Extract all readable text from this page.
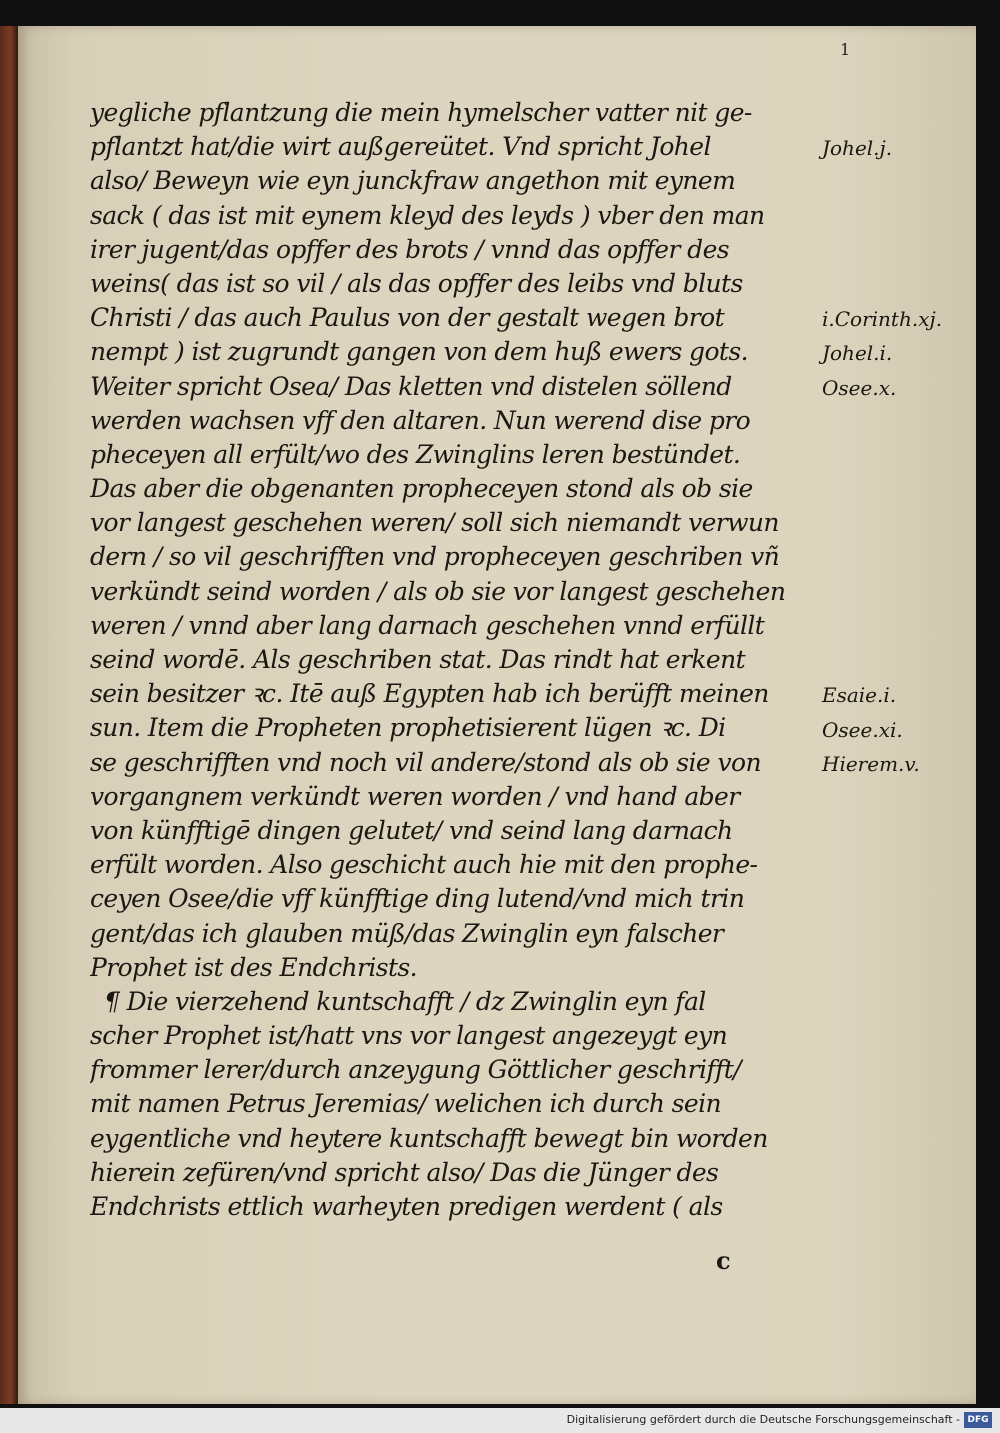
1
yegliche pflantzung die mein hymelscher vatter nit ge-
pflantzt hat/die wirt außgereütet. Vnd spricht Johel
also/ Beweyn wie eyn junckfraw angethon mit eynem
sack ( das ist mit eynem kleyd des leyds ) vber den man
irer jugent/das opffer des brots / vnnd das opffer des
weins( das ist so vil / als das opffer des leibs vnd bluts
Christi / das auch Paulus von der gestalt wegen brot
nempt ) ist zugrundt gangen von dem huß ewers gots.
Weiter spricht Osea/ Das kletten vnd distelen söllend
werden wachsen vff den altaren. Nun werend dise pro
pheceyen all erfült/wo des Zwinglins leren bestündet.
Das aber die obgenanten propheceyen stond als ob sie
vor langest geschehen weren/ soll sich niemandt verwun
dern / so vil geschrifften vnd propheceyen geschriben vñ
verkündt seind worden / als ob sie vor langest geschehen
weren / vnnd aber lang darnach geschehen vnnd erfüllt
seind wordē. Als geschriben stat. Das rindt hat erkent
sein besitzer ꝛc. Itē auß Egypten hab ich berüfft meinen
sun. Item die Propheten prophetisierent lügen ꝛc. Di
se geschrifften vnd noch vil andere/stond als ob sie von
vorgangnem verkündt weren worden / vnd hand aber
von künfftigē dingen gelutet/ vnd seind lang darnach
erfült worden. Also geschicht auch hie mit den prophe-
ceyen Osee/die vff künfftige ding lutend/vnd mich trin
gent/das ich glauben müß/das Zwinglin eyn falscher
Prophet ist des Endchrists.
¶ Die vierzehend kuntschafft / dz Zwinglin eyn fal
scher Prophet ist/hatt vns vor langest angezeygt eyn
frommer lerer/durch anzeygung Göttlicher geschrifft/
mit namen Petrus Jeremias/ welichen ich durch sein
eygentliche vnd heytere kuntschafft bewegt bin worden
hierein zefüren/vnd spricht also/ Das die Jünger des
Endchrists ettlich warheyten predigen werdent ( als
Johel.j.
i.Corinth.xj.
Johel.i.
Osee.x.
Esaie.i.
Osee.xi.
Hierem.v.
c
Digitalisierung gefördert durch die Deutsche Forschungsgemeinschaft - DFG
